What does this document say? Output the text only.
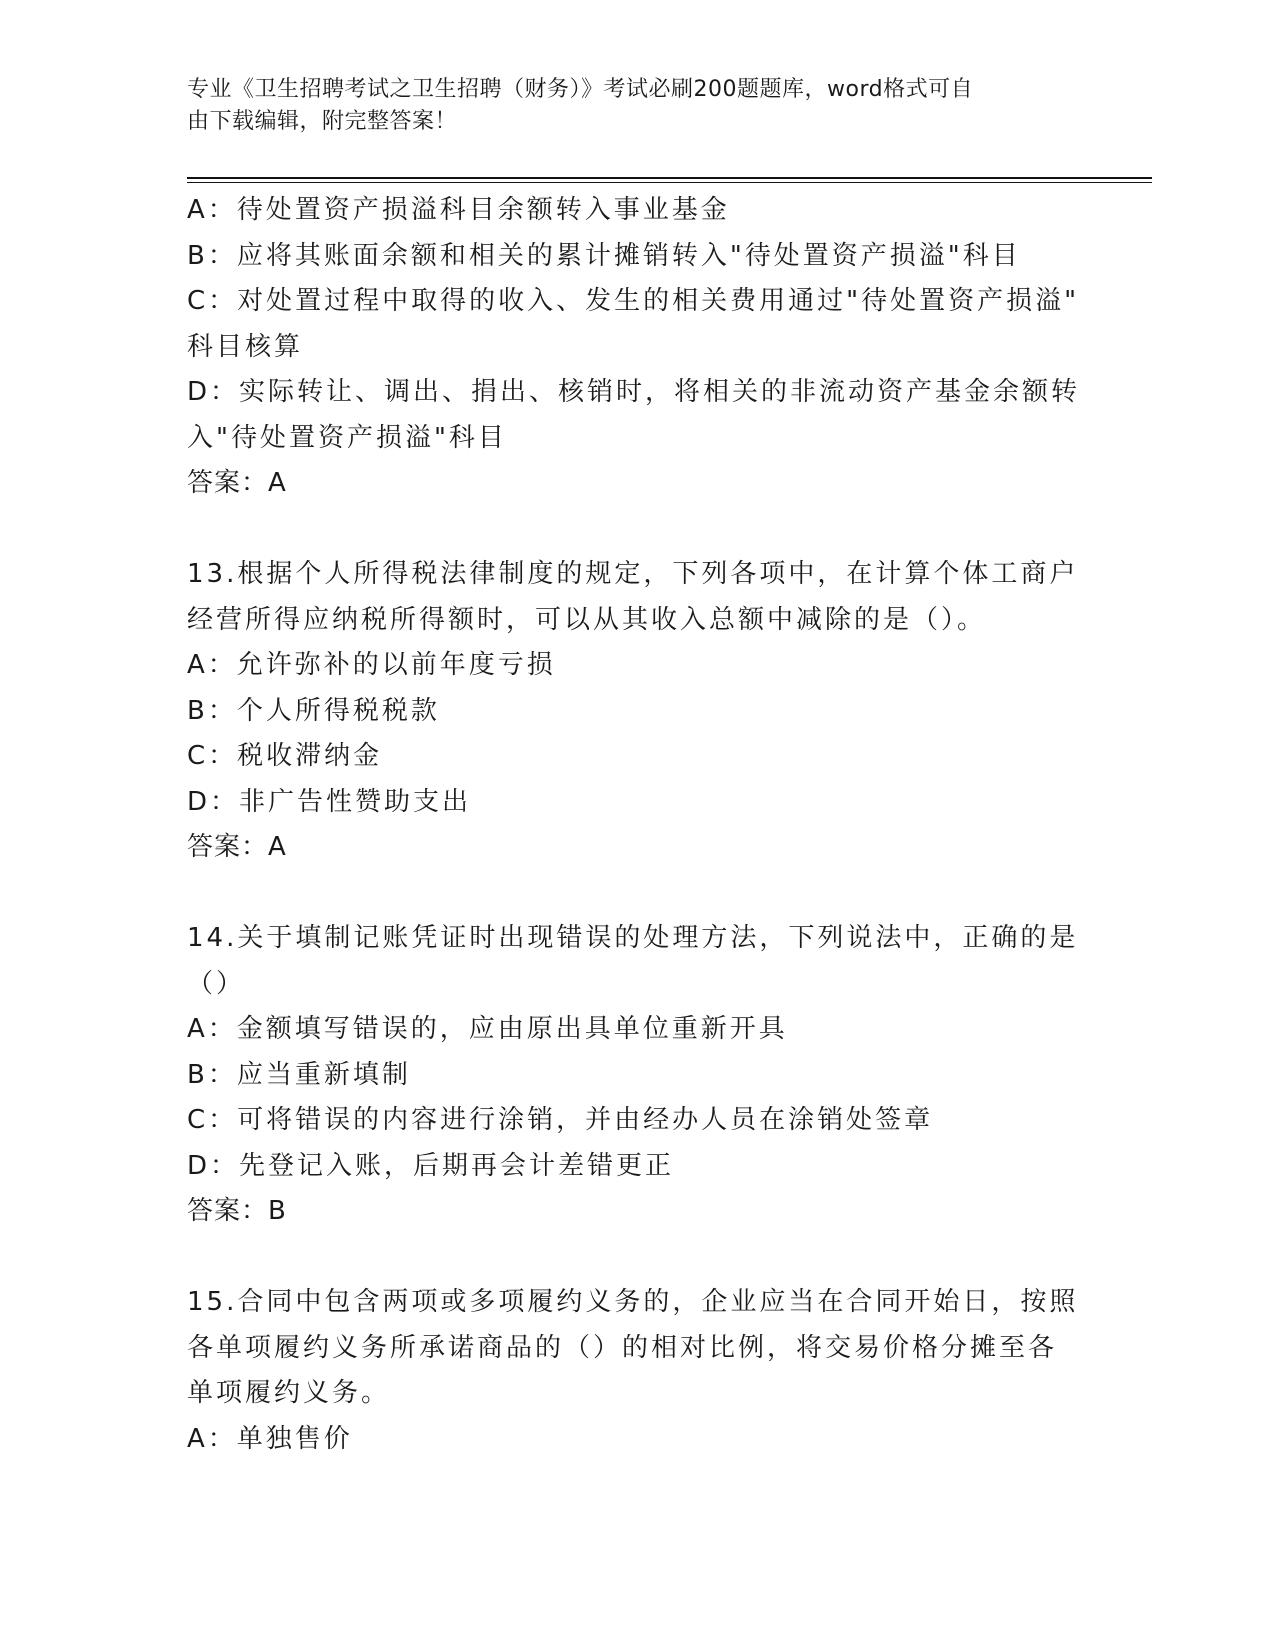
专业《卫生招聘考试之卫生招聘（财务）》考试必刷200题题库，word格式可自

由下载编辑，附完整答案！

A：待处置资产损溢科目余额转入事业基金

B：应将其账面余额和相关的累计摊销转入"待处置资产损溢"科目

C：对处置过程中取得的收入、发生的相关费用通过"待处置资产损溢"

科目核算

D：实际转让、调出、捐出、核销时，将相关的非流动资产基金余额转

入"待处置资产损溢"科目

答案：A

13.根据个人所得税法律制度的规定，下列各项中，在计算个体工商户

经营所得应纳税所得额时，可以从其收入总额中减除的是（）。

A：允许弥补的以前年度亏损

B：个人所得税税款

C：税收滞纳金

D：非广告性赞助支出

答案：A

14.关于填制记账凭证时出现错误的处理方法，下列说法中，正确的是

（）

A：金额填写错误的，应由原出具单位重新开具

B：应当重新填制

C：可将错误的内容进行涂销，并由经办人员在涂销处签章

D：先登记入账，后期再会计差错更正

答案：B

15.合同中包含两项或多项履约义务的，企业应当在合同开始日，按照

各单项履约义务所承诺商品的（）的相对比例，将交易价格分摊至各

单项履约义务。

A：单独售价
